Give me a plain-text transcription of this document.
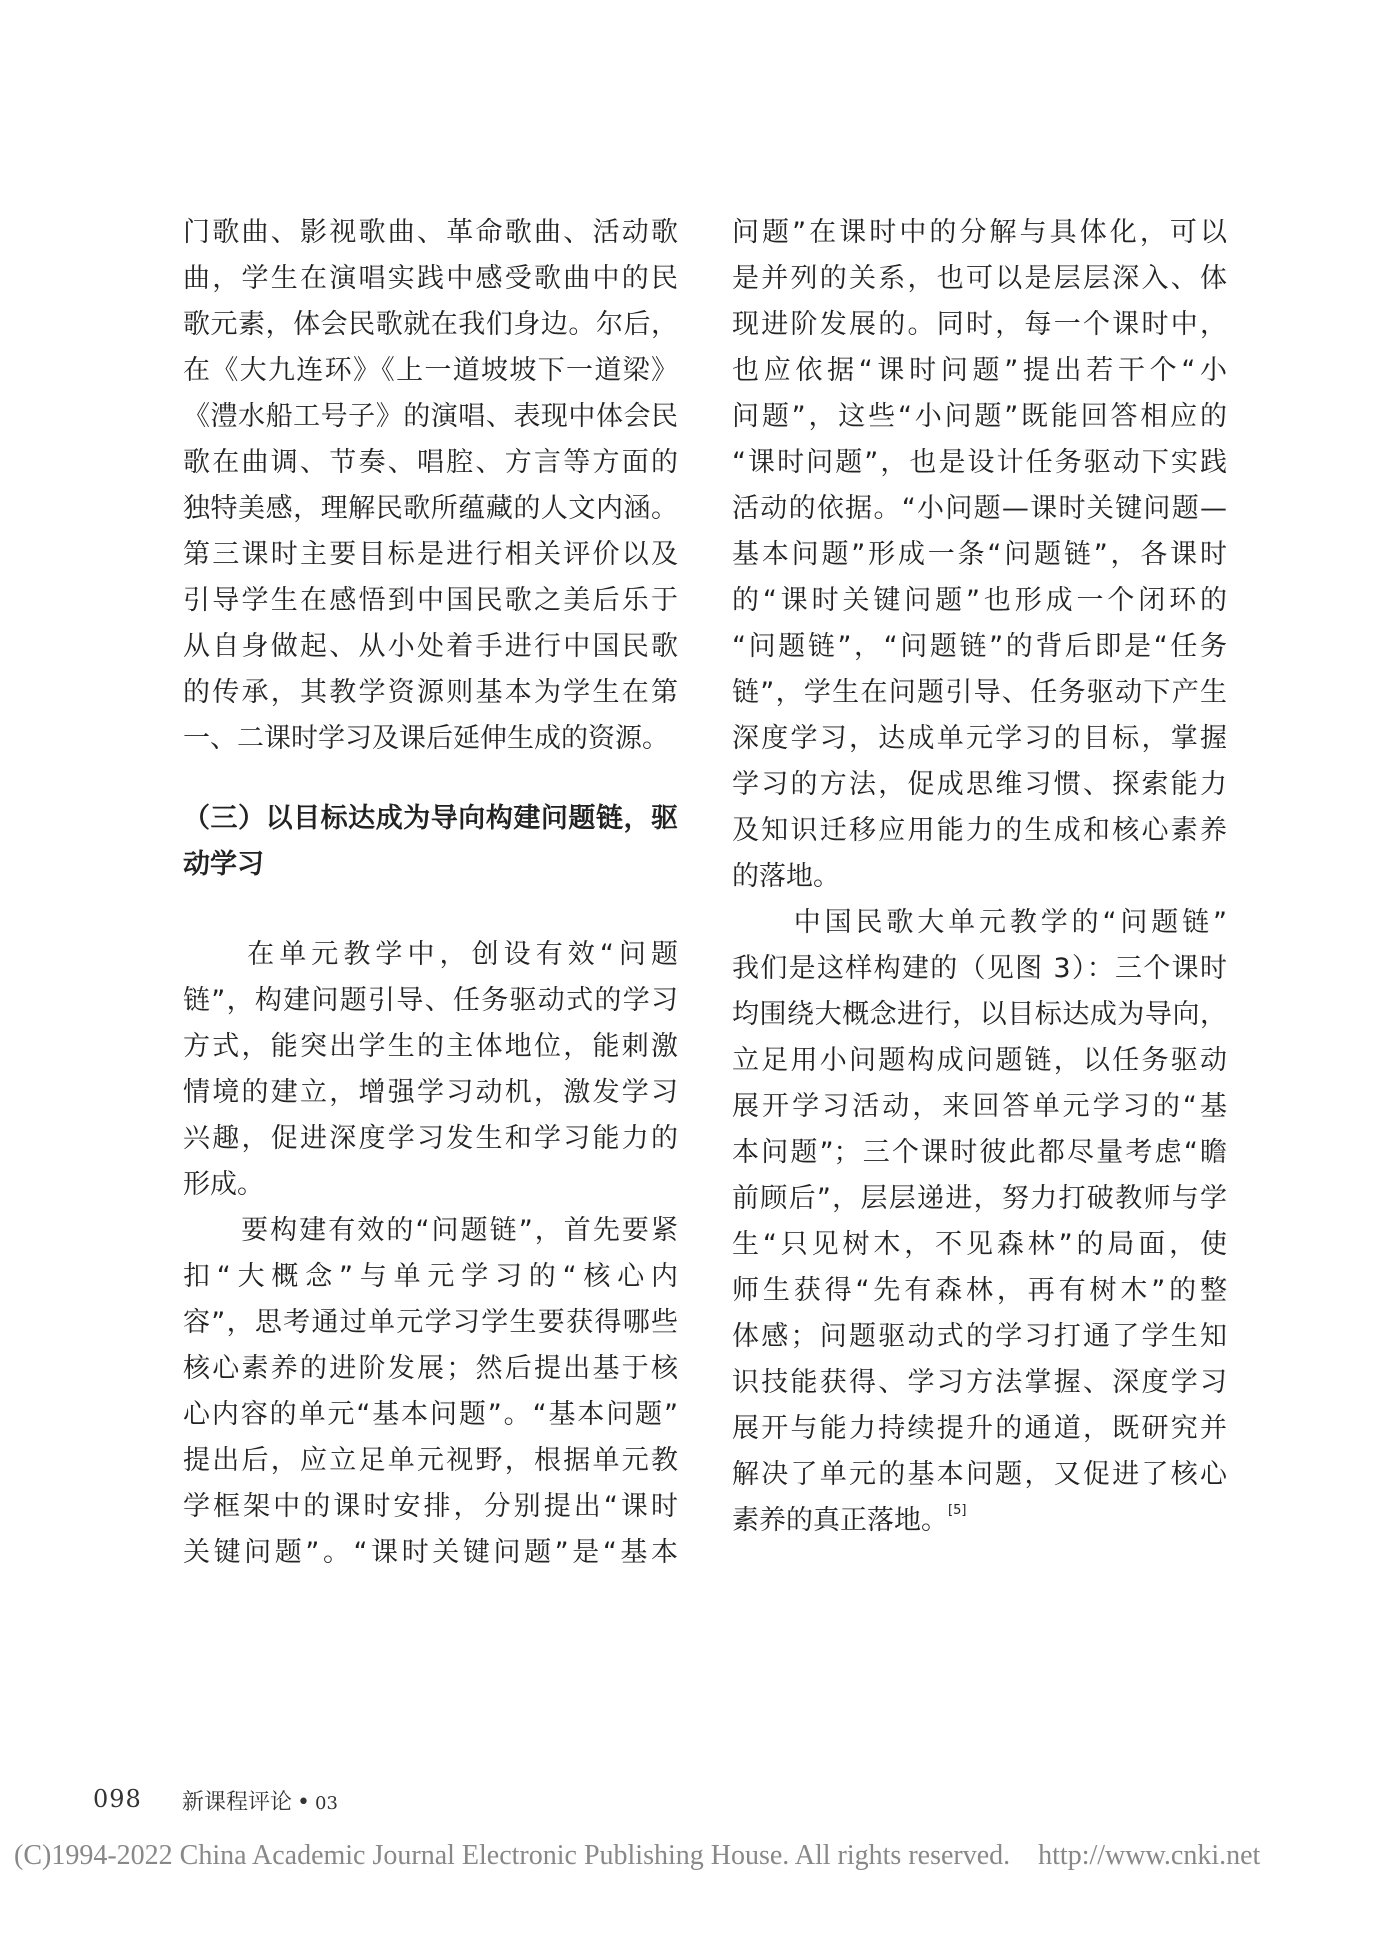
门歌曲、影视歌曲、革命歌曲、活动歌
曲，学生在演唱实践中感受歌曲中的民
歌元素，体会民歌就在我们身边。尔后，
在《大九连环》《上一道坡坡下一道梁》
《澧水船工号子》的演唱、表现中体会民
歌在曲调、节奏、唱腔、方言等方面的
独特美感，理解民歌所蕴藏的人文内涵。
第三课时主要目标是进行相关评价以及
引导学生在感悟到中国民歌之美后乐于
从自身做起、从小处着手进行中国民歌
的传承，其教学资源则基本为学生在第
一、二课时学习及课后延伸生成的资源。
（三）以目标达成为导向构建问题链，驱
动学习
　　在单元教学中，创设有效“问题
链”，构建问题引导、任务驱动式的学习
方式，能突出学生的主体地位，能刺激
情境的建立，增强学习动机，激发学习
兴趣，促进深度学习发生和学习能力的
形成。
　　要构建有效的“问题链”，首先要紧
扣“大概念”与单元学习的“核心内
容”，思考通过单元学习学生要获得哪些
核心素养的进阶发展；然后提出基于核
心内容的单元“基本问题”。“基本问题”
提出后，应立足单元视野，根据单元教
学框架中的课时安排，分别提出“课时
关键问题”。“课时关键问题”是“基本
问题”在课时中的分解与具体化，可以
是并列的关系，也可以是层层深入、体
现进阶发展的。同时，每一个课时中，
也应依据“课时问题”提出若干个“小
问题”，这些“小问题”既能回答相应的
“课时问题”，也是设计任务驱动下实践
活动的依据。“小问题—课时关键问题—
基本问题”形成一条“问题链”，各课时
的“课时关键问题”也形成一个闭环的
“问题链”，“问题链”的背后即是“任务
链”，学生在问题引导、任务驱动下产生
深度学习，达成单元学习的目标，掌握
学习的方法，促成思维习惯、探索能力
及知识迁移应用能力的生成和核心素养
的落地。
　　中国民歌大单元教学的“问题链”
我们是这样构建的（见图 3）：三个课时
均围绕大概念进行，以目标达成为导向，
立足用小问题构成问题链，以任务驱动
展开学习活动，来回答单元学习的“基
本问题”；三个课时彼此都尽量考虑“瞻
前顾后”，层层递进，努力打破教师与学
生“只见树木，不见森林”的局面，使
师生获得“先有森林，再有树木”的整
体感；问题驱动式的学习打通了学生知
识技能获得、学习方法掌握、深度学习
展开与能力持续提升的通道，既研究并
解决了单元的基本问题，又促进了核心
素养的真正落地。[5]
098 新课程评论 • 03
(C)1994-2022 China Academic Journal Electronic Publishing House. All rights reserved. http://www.cnki.net
